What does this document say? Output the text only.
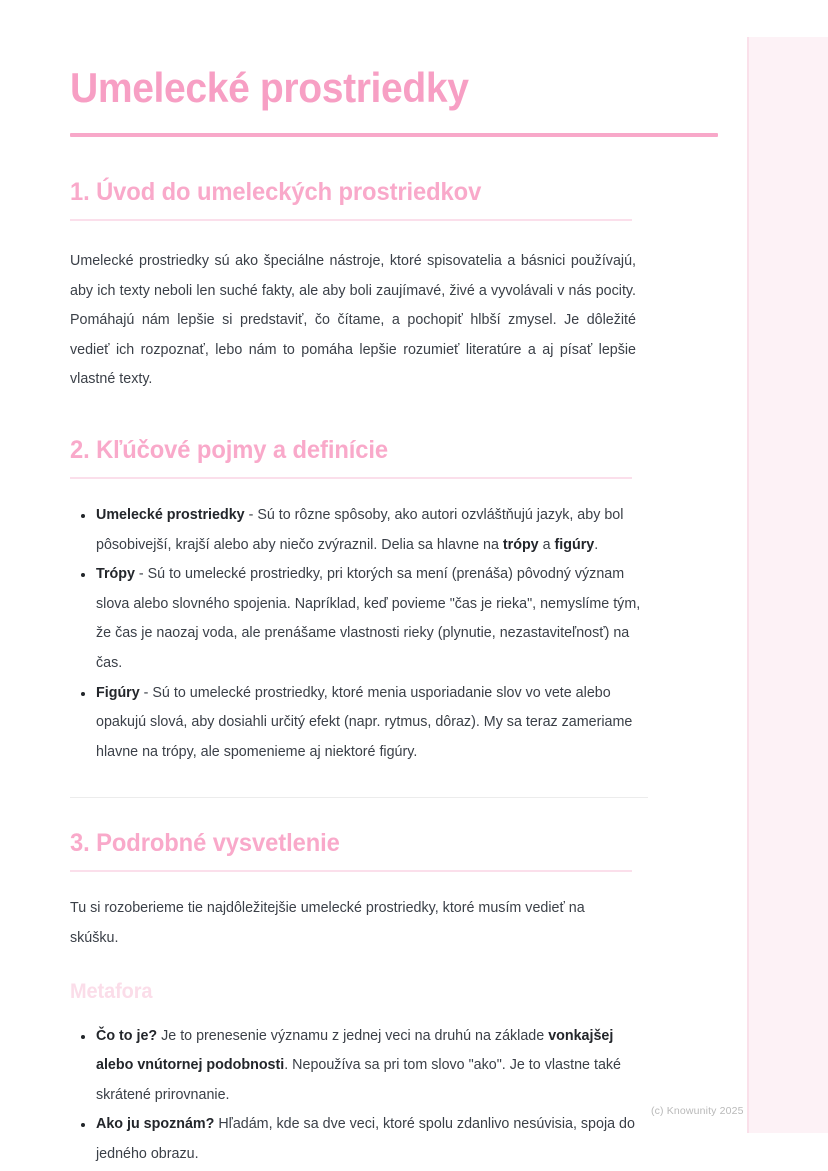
Umelecké prostriedky
1. Úvod do umeleckých prostriedkov

Umelecké prostriedky sú ako špeciálne nástroje, ktoré spisovatelia a básnici používajú, aby ich texty neboli len suché fakty, ale aby boli zaujímavé, živé a vyvolávali v nás pocity. Pomáhajú nám lepšie si predstaviť, čo čítame, a pochopiť hlbší zmysel. Je dôležité vedieť ich rozpoznať, lebo nám to pomáha lepšie rozumieť literatúre a aj písať lepšie vlastné texty.

2. Kľúčové pojmy a definície
Umelecké prostriedky - Sú to rôzne spôsoby, ako autori ozvláštňujú jazyk, aby bol pôsobivejší, krajší alebo aby niečo zvýraznil. Delia sa hlavne na trópy a figúry.
Trópy - Sú to umelecké prostriedky, pri ktorých sa mení (prenáša) pôvodný význam slova alebo slovného spojenia. Napríklad, keď povieme "čas je rieka", nemyslíme tým, že čas je naozaj voda, ale prenášame vlastnosti rieky (plynutie, nezastaviteľnosť) na čas.
Figúry - Sú to umelecké prostriedky, ktoré menia usporiadanie slov vo vete alebo opakujú slová, aby dosiahli určitý efekt (napr. rytmus, dôraz). My sa teraz zameriame hlavne na trópy, ale spomenieme aj niektoré figúry.
3. Podrobné vysvetlenie

Tu si rozoberieme tie najdôležitejšie umelecké prostriedky, ktoré musím vedieť na skúšku.

Metafora
Čo to je? Je to prenesenie významu z jednej veci na druhú na základe vonkajšej alebo vnútornej podobnosti. Nepoužíva sa pri tom slovo "ako". Je to vlastne také skrátené prirovnanie.
Ako ju spoznám? Hľadám, kde sa dve veci, ktoré spolu zdanlivo nesúvisia, spoja do jedného obrazu.
(c) Knowunity 2025
